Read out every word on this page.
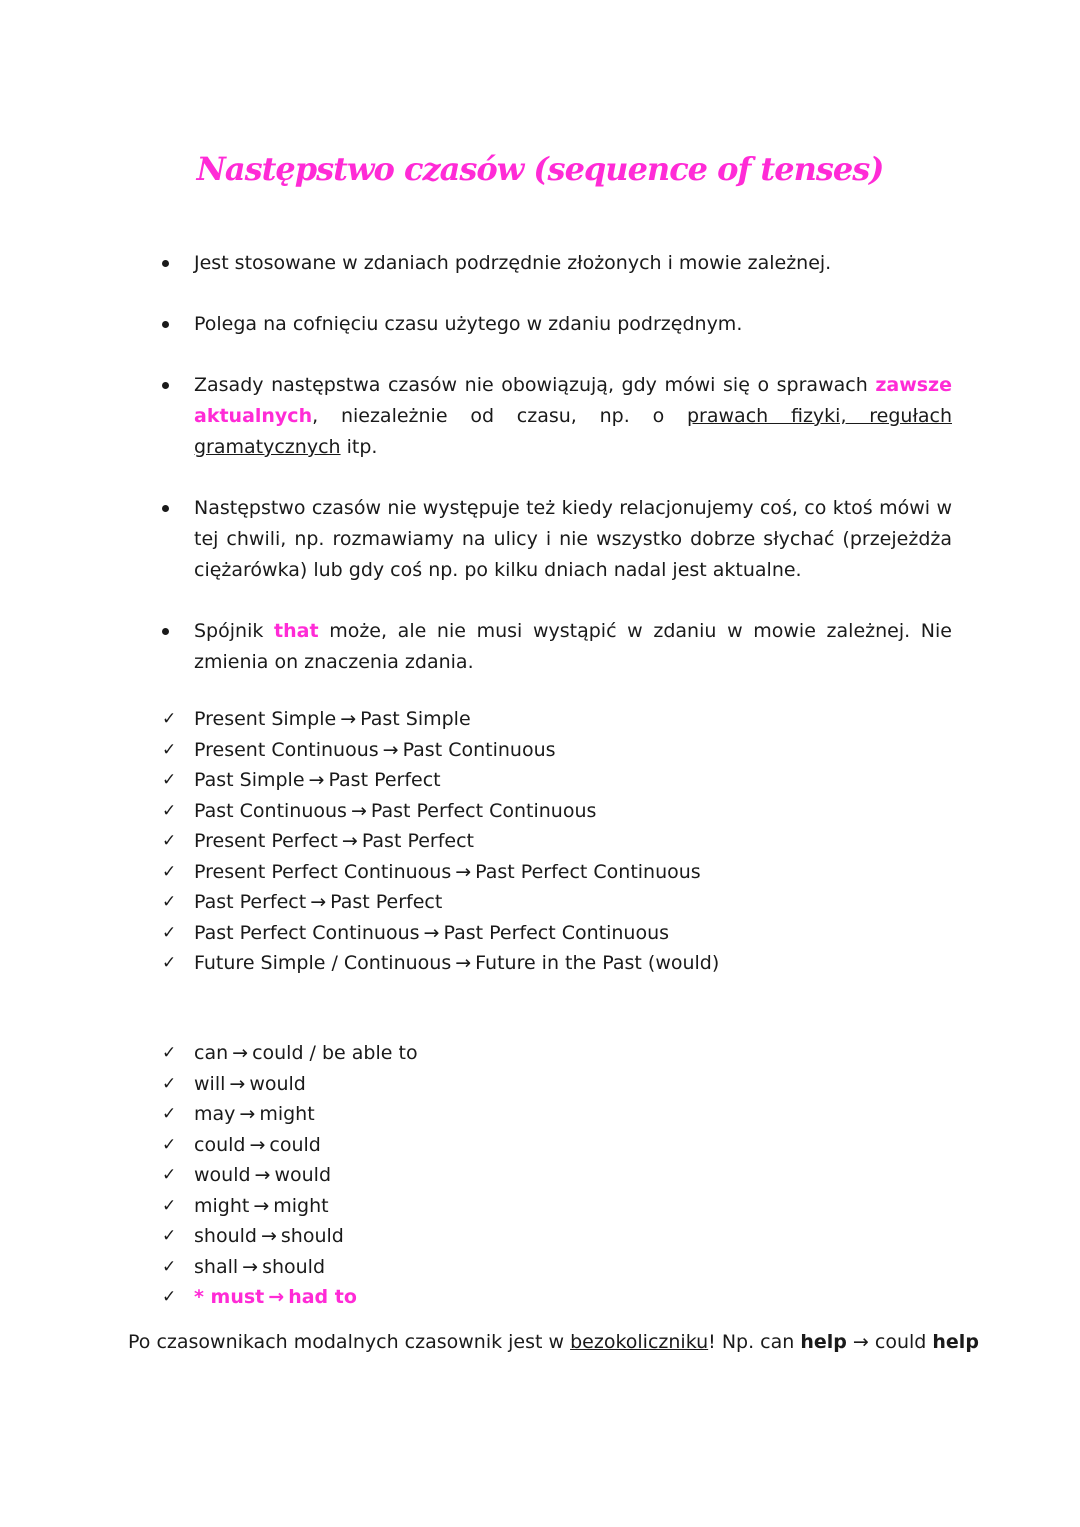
Następstwo czasów (sequence of tenses)
Jest stosowane w zdaniach podrzędnie złożonych i mowie zależnej.
Polega na cofnięciu czasu użytego w zdaniu podrzędnym.
Zasady następstwa czasów nie obowiązują, gdy mówi się o sprawach zawsze aktualnych, niezależnie od czasu, np. o prawach fizyki, regułach gramatycznych itp.
Następstwo czasów nie występuje też kiedy relacjonujemy coś, co ktoś mówi w tej chwili, np. rozmawiamy na ulicy i nie wszystko dobrze słychać (przejeżdża ciężarówka) lub gdy coś np. po kilku dniach nadal jest aktualne.
Spójnik that może, ale nie musi wystąpić w zdaniu w mowie zależnej. Nie zmienia on znaczenia zdania.
✓ Present Simple → Past Simple
✓ Present Continuous → Past Continuous
✓ Past Simple → Past Perfect
✓ Past Continuous → Past Perfect Continuous
✓ Present Perfect → Past Perfect
✓ Present Perfect Continuous → Past Perfect Continuous
✓ Past Perfect → Past Perfect
✓ Past Perfect Continuous → Past Perfect Continuous
✓ Future Simple / Continuous → Future in the Past (would)
✓ can → could / be able to
✓ will → would
✓ may → might
✓ could → could
✓ would → would
✓ might → might
✓ should → should
✓ shall → should
✓ * must → had to
Po czasownikach modalnych czasownik jest w bezokoliczniku! Np. can help → could help
